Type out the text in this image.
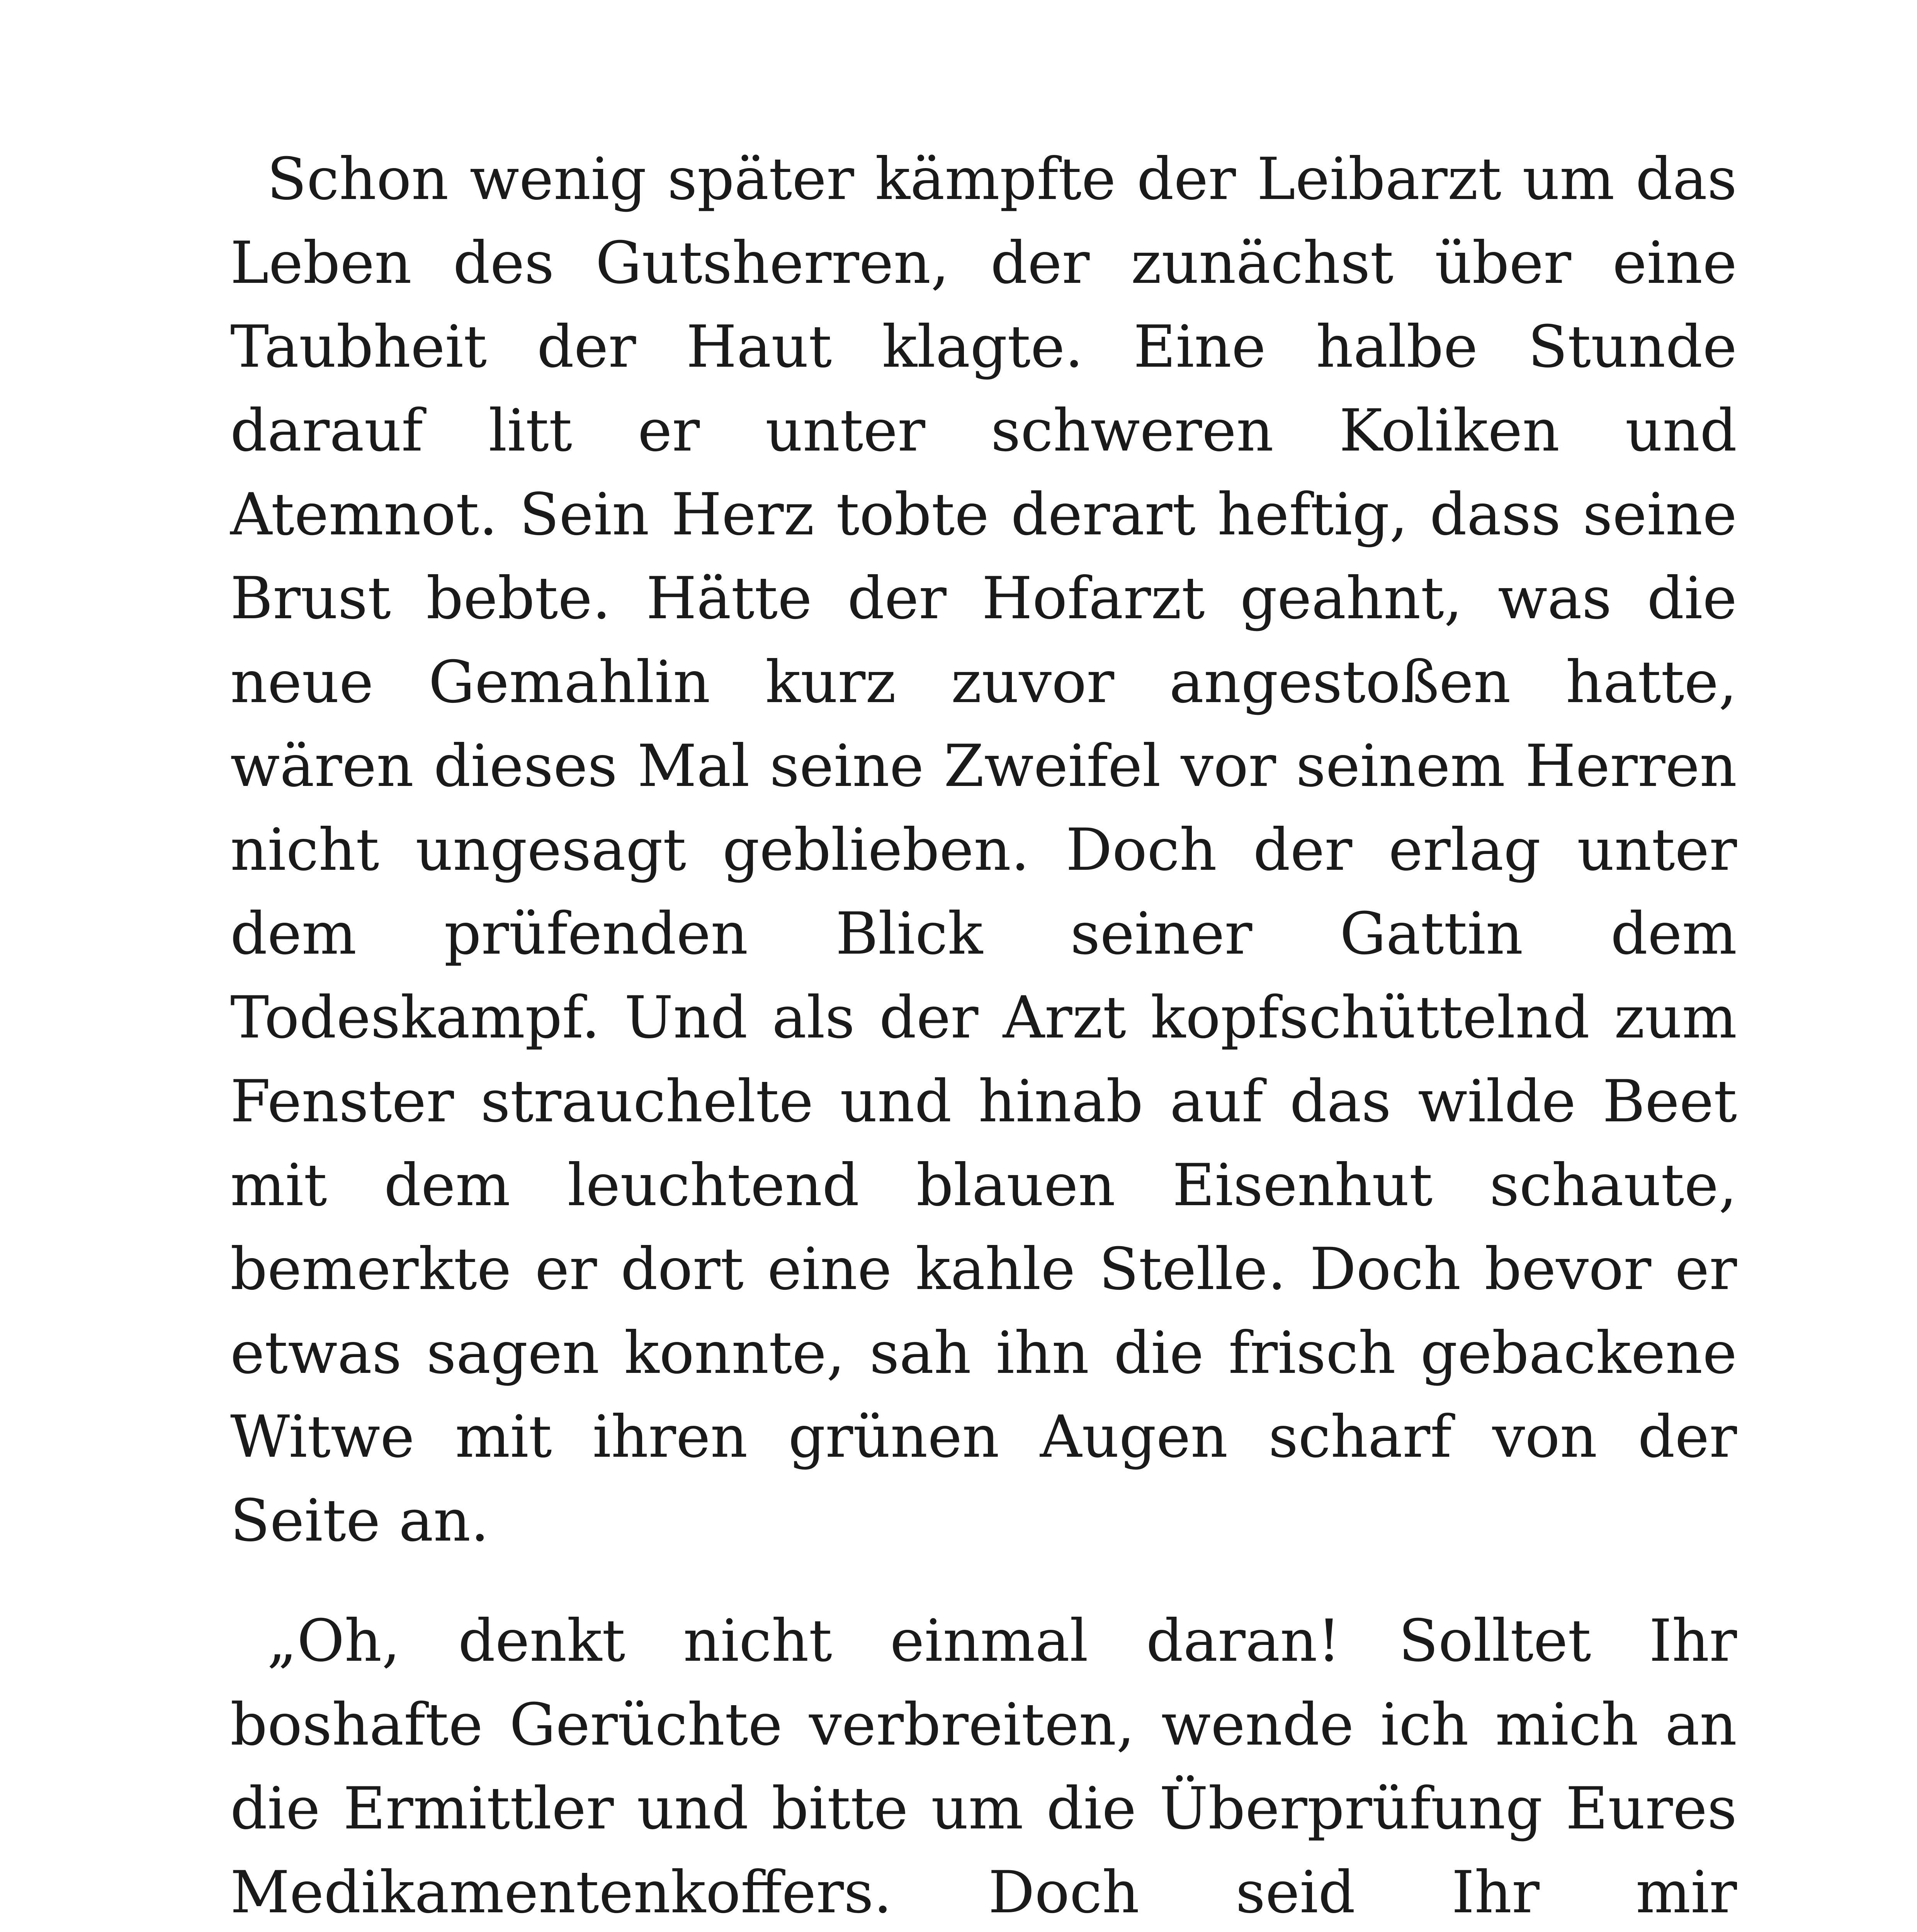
Schon wenig später kämpfte der Leibarzt um das Leben des Gutsherren, der zunächst über eine Taubheit der Haut klagte. Eine halbe Stunde darauf litt er unter schweren Koliken und Atemnot. Sein Herz tobte derart heftig, dass seine Brust bebte. Hätte der Hofarzt geahnt, was die neue Gemahlin kurz zuvor angestoßen hatte, wären dieses Mal seine Zweifel vor seinem Herren nicht ungesagt geblieben. Doch der erlag unter dem prüfenden Blick seiner Gattin dem Todeskampf. Und als der Arzt kopfschüttelnd zum Fenster strauchelte und hinab auf das wilde Beet mit dem leuchtend blauen Eisenhut schaute, bemerkte er dort eine kahle Stelle. Doch bevor er etwas sagen konnte, sah ihn die frisch gebackene Witwe mit ihren grünen Augen scharf von der Seite an.

„Oh, denkt nicht einmal daran! Solltet Ihr boshafte Gerüchte verbreiten, wende ich mich an die Ermittler und bitte um die Überprüfung Eures Medikamentenkoffers. Doch seid Ihr mir
